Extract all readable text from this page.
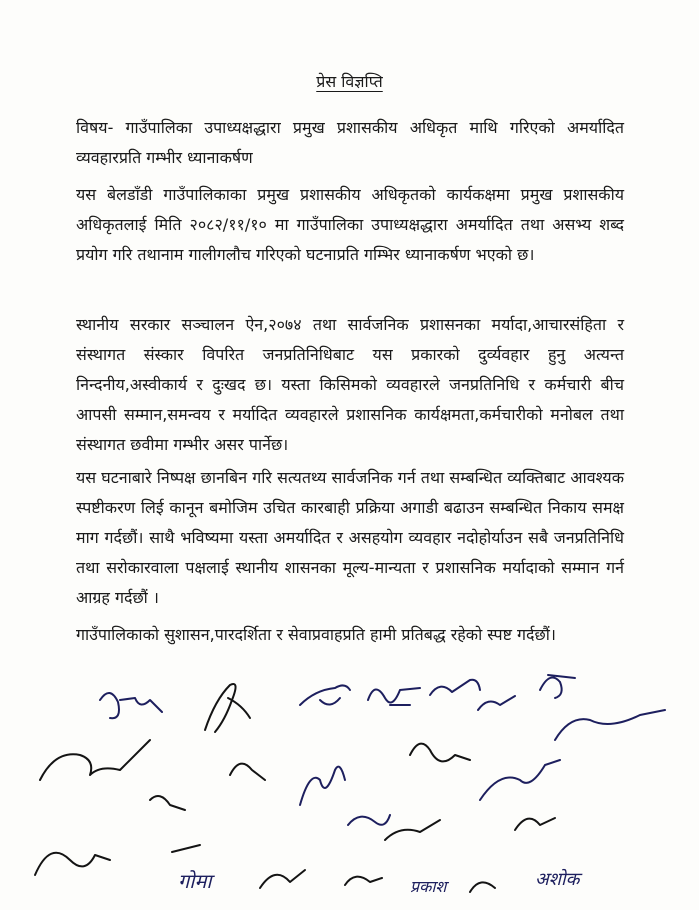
प्रेस विज्ञप्ति

विषय- गाउँपालिका उपाध्यक्षद्धारा प्रमुख प्रशासकीय अधिकृत माथि गरिएको अमर्यादित व्यवहारप्रति गम्भीर ध्यानाकर्षण

यस बेलडाँडी गाउँपालिकाका प्रमुख प्रशासकीय अधिकृतको कार्यकक्षमा प्रमुख प्रशासकीय अधिकृतलाई मिति २०८२/११/१० मा गाउँपालिका उपाध्यक्षद्धारा अमर्यादित तथा असभ्य शब्द प्रयोग गरि तथानाम गालीगलौच गरिएको घटनाप्रति गम्भिर ध्यानाकर्षण भएको छ।

स्थानीय सरकार सञ्चालन ऐन,२०७४ तथा सार्वजनिक प्रशासनका मर्यादा,आचारसंहिता र संस्थागत संस्कार विपरित जनप्रतिनिधिबाट यस प्रकारको दुर्व्यवहार हुनु अत्यन्त निन्दनीय,अस्वीकार्य र दुःखद छ। यस्ता किसिमको व्यवहारले जनप्रतिनिधि र कर्मचारी बीच आपसी सम्मान,समन्वय र मर्यादित व्यवहारले प्रशासनिक कार्यक्षमता,कर्मचारीको मनोबल तथा संस्थागत छवीमा गम्भीर असर पार्नेछ।

यस घटनाबारे निष्पक्ष छानबिन गरि सत्यतथ्य सार्वजनिक गर्न तथा सम्बन्धित व्यक्तिबाट आवश्यक स्पष्टीकरण लिई कानून बमोजिम उचित कारबाही प्रक्रिया अगाडी बढाउन सम्बन्धित निकाय समक्ष माग गर्दछौं। साथै भविष्यमा यस्ता अमर्यादित र असहयोग व्यवहार नदोहोर्याउन सबै जनप्रतिनिधि तथा सरोकारवाला पक्षलाई स्थानीय शासनका मूल्य-मान्यता र प्रशासनिक मर्यादाको सम्मान गर्न आग्रह गर्दछौं ।

गाउँपालिकाको सुशासन,पारदर्शिता र सेवाप्रवाहप्रति हामी प्रतिबद्ध रहेको स्पष्ट गर्दछौं।

गोमा	प्रकाश	अशोक
